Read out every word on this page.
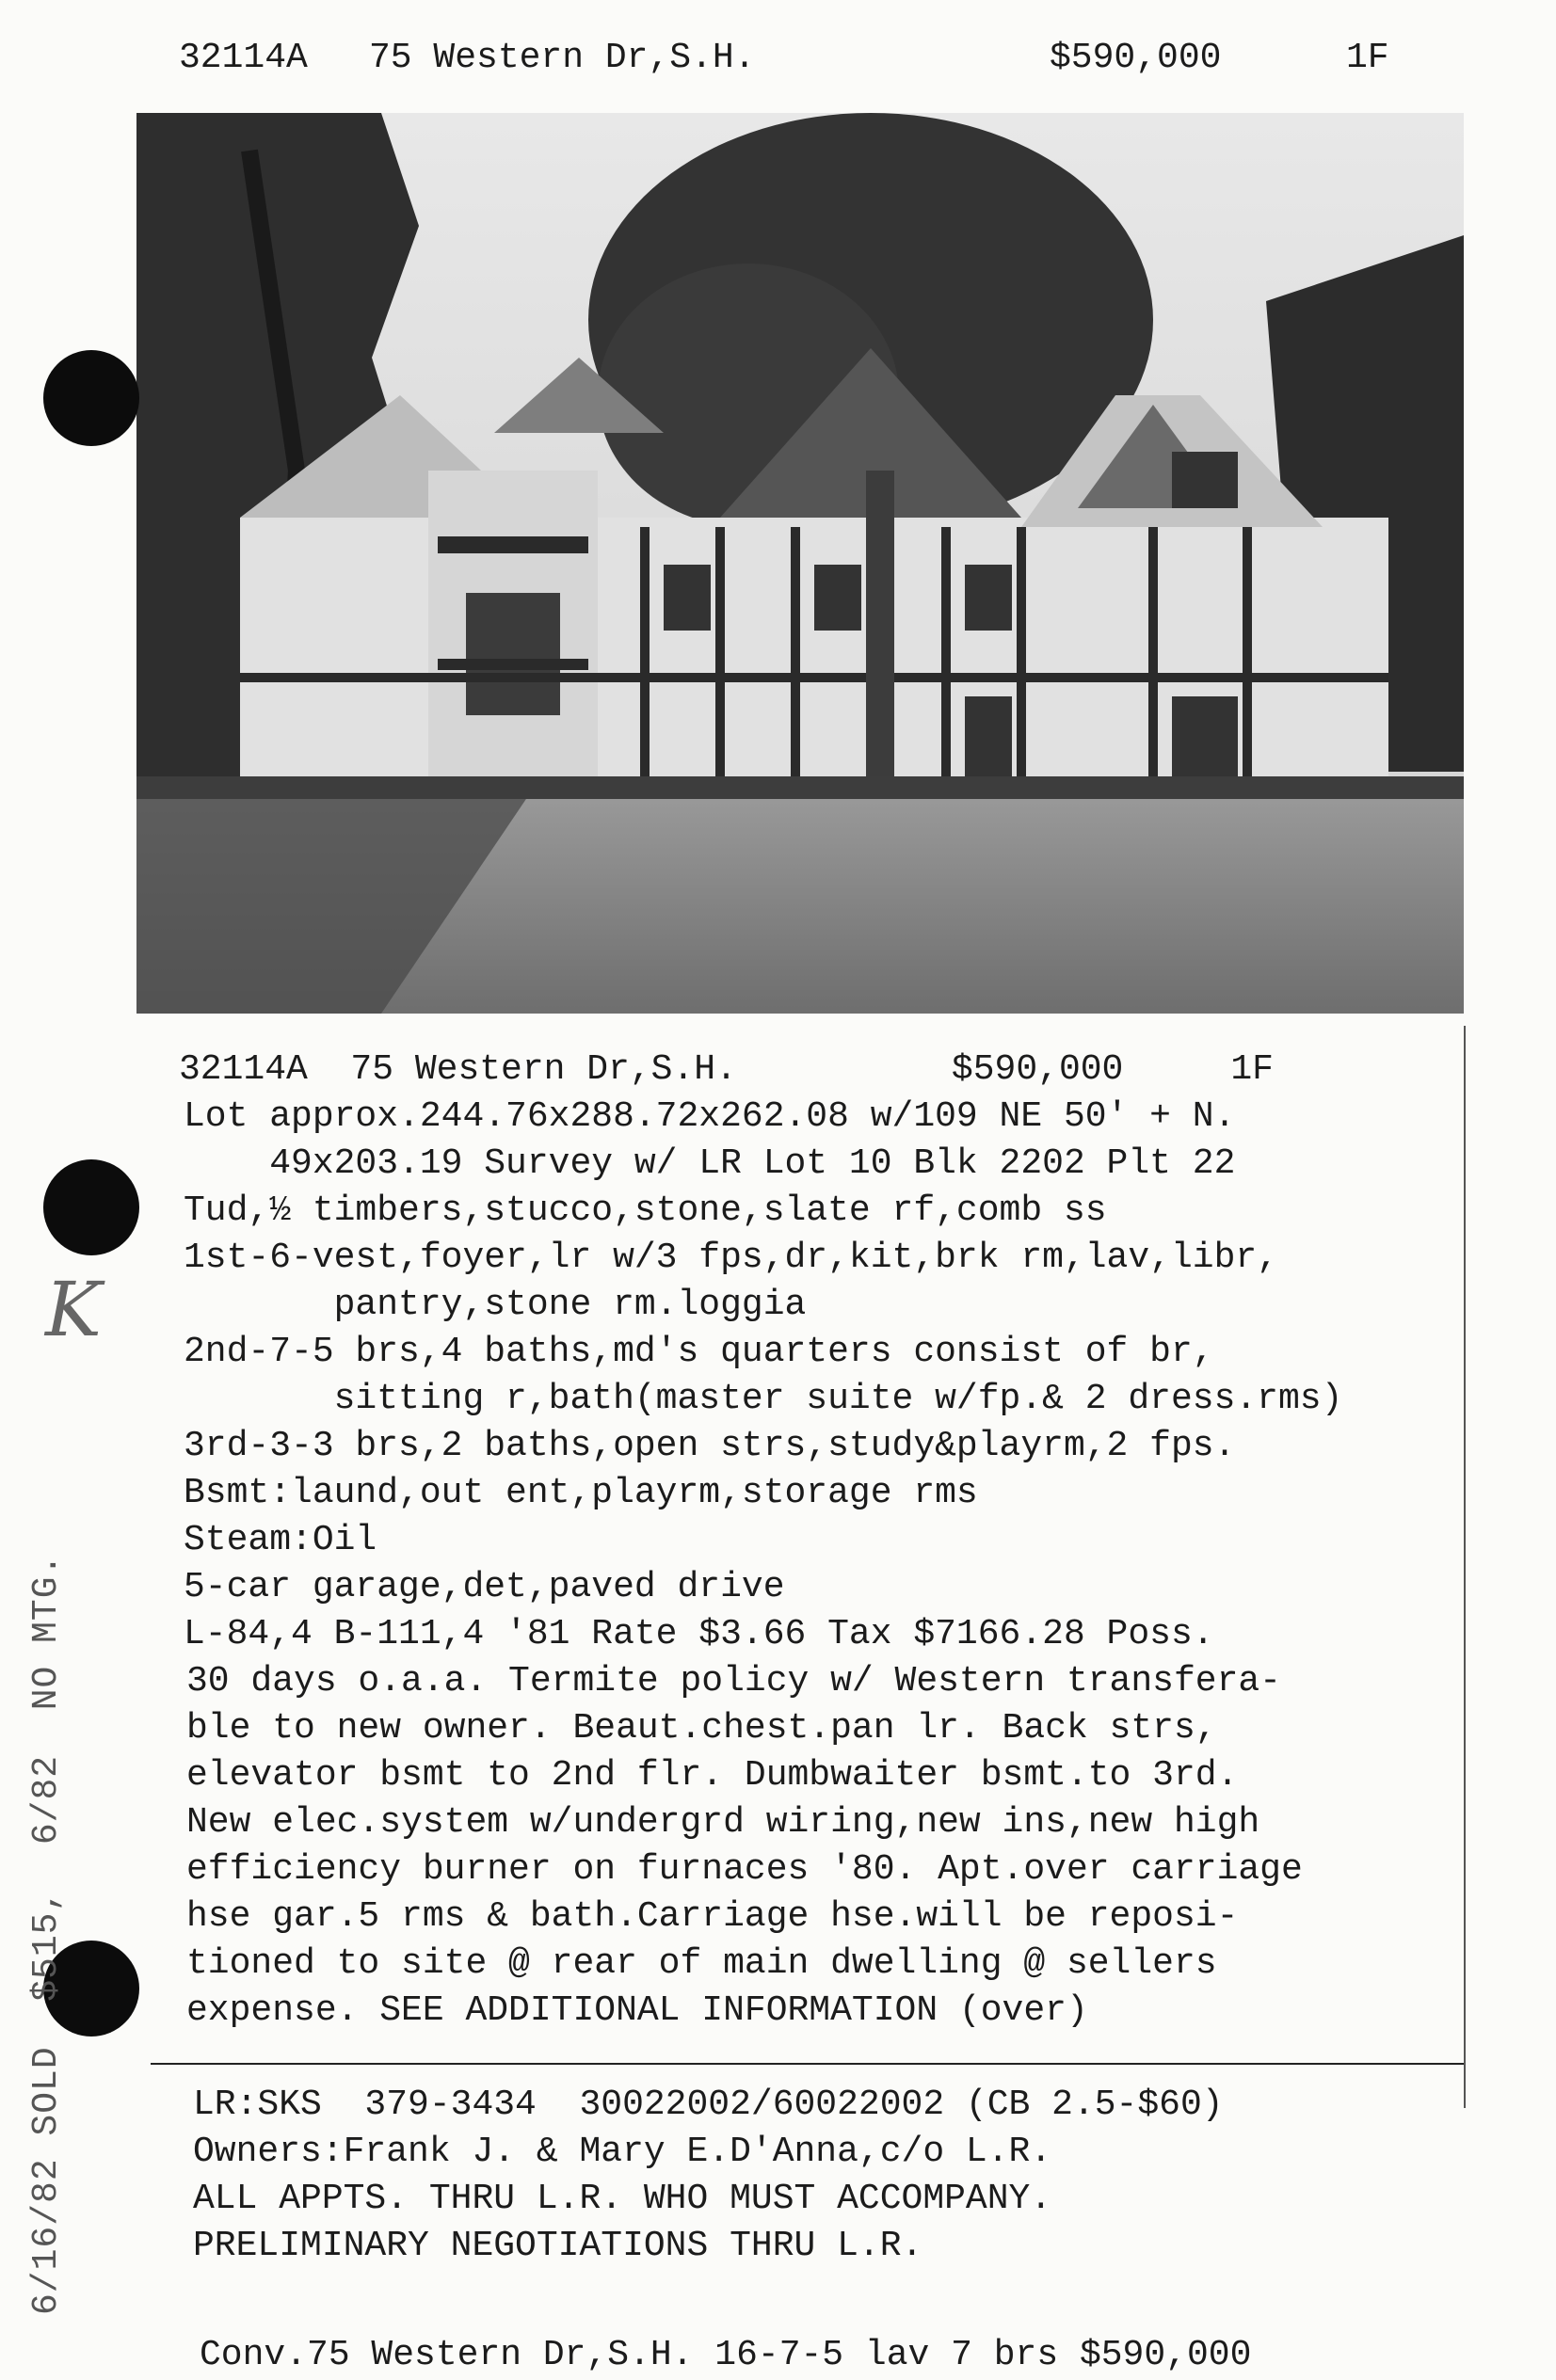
32114A 75 Western Dr,S.H.	$590,000	1F
K
6/16/82 SOLD  $515,  6/82  NO MTG.
32114A  75 Western Dr,S.H.          $590,000     1F
Lot approx.244.76x288.72x262.08 w/109 NE 50' + N.
49x203.19 Survey w/ LR Lot 10 Blk 2202 Plt 22
Tud,½ timbers,stucco,stone,slate rf,comb ss
1st-6-vest,foyer,lr w/3 fps,dr,kit,brk rm,lav,libr,
pantry,stone rm.loggia
2nd-7-5 brs,4 baths,md's quarters consist of br,
sitting r,bath(master suite w/fp.& 2 dress.rms)
3rd-3-3 brs,2 baths,open strs,study&playrm,2 fps.
Bsmt:laund,out ent,playrm,storage rms
Steam:Oil
5-car garage,det,paved drive
L-84,4 B-111,4 '81 Rate $3.66 Tax $7166.28 Poss.
30 days o.a.a. Termite policy w/ Western transfera-
ble to new owner. Beaut.chest.pan lr. Back strs,
elevator bsmt to 2nd flr. Dumbwaiter bsmt.to 3rd.
New elec.system w/undergrd wiring,new ins,new high
efficiency burner on furnaces '80. Apt.over carriage
hse gar.5 rms & bath.Carriage hse.will be reposi-
tioned to site @ rear of main dwelling @ sellers
expense. SEE ADDITIONAL INFORMATION (over)
LR:SKS  379-3434  30022002/60022002 (CB 2.5-$60)
Owners:Frank J. & Mary E.D'Anna,c/o L.R.
ALL APPTS. THRU L.R. WHO MUST ACCOMPANY.
PRELIMINARY NEGOTIATIONS THRU L.R.
Conv.75 Western Dr,S.H. 16-7-5 lav 7 brs $590,000
